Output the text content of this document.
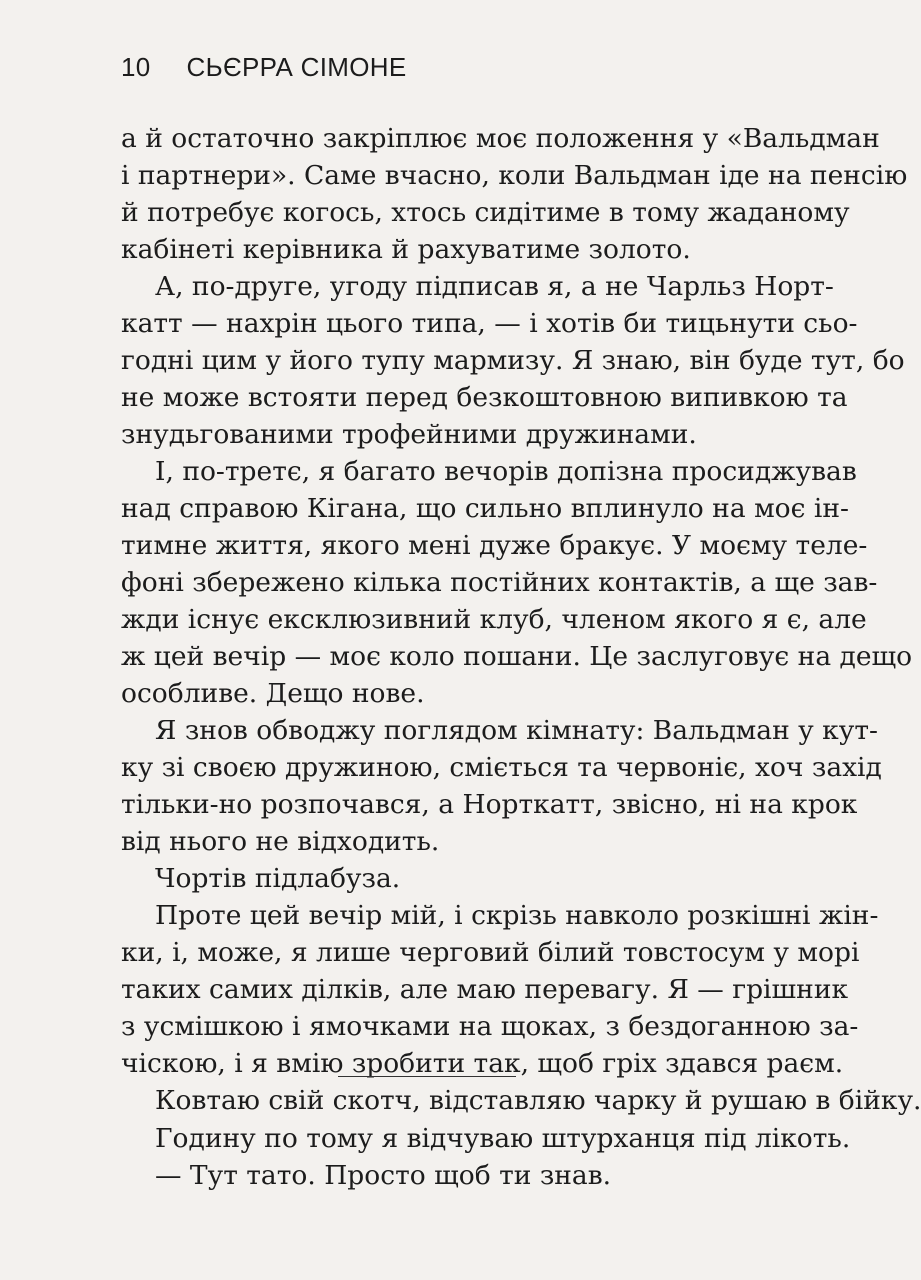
10 СЬЄРРА СІМОНЕ
а й остаточно закріплює моє положення у «Вальдман
і партнери». Саме вчасно, коли Вальдман іде на пенсію
й потребує когось, хтось сидітиме в тому жаданому
кабінеті керівника й рахуватиме золото.
А, по-друге, угоду підписав я, а не Чарльз Норт-
катт — нахрін цього типа, — і хотів би тицьнути сьо-
годні цим у його тупу мармизу. Я знаю, він буде тут, бо
не може встояти перед безкоштовною випивкою та
знудьгованими трофейними дружинами.
І, по-третє, я багато вечорів допізна просиджував
над справою Кігана, що сильно вплинуло на моє ін-
тимне життя, якого мені дуже бракує. У моєму теле-
фоні збережено кілька постійних контактів, а ще зав-
жди існує ексклюзивний клуб, членом якого я є, але
ж цей вечір — моє коло пошани. Це заслуговує на дещо
особливе. Дещо нове.
Я знов обводжу поглядом кімнату: Вальдман у кут-
ку зі своєю дружиною, сміється та червоніє, хоч захід
тільки-но розпочався, а Норткатт, звісно, ні на крок
від нього не відходить.
Чортів підлабуза.
Проте цей вечір мій, і скрізь навколо розкішні жін-
ки, і, може, я лише черговий білий товстосум у морі
таких самих ділків, але маю перевагу. Я — грішник
з усмішкою і ямочками на щоках, з бездоганною за-
чіскою, і я вмію зробити так, щоб гріх здався раєм.
Ковтаю свій скотч, відставляю чарку й рушаю в бійку.
Годину по тому я відчуваю штурханця під лікоть.
— Тут тато. Просто щоб ти знав.
